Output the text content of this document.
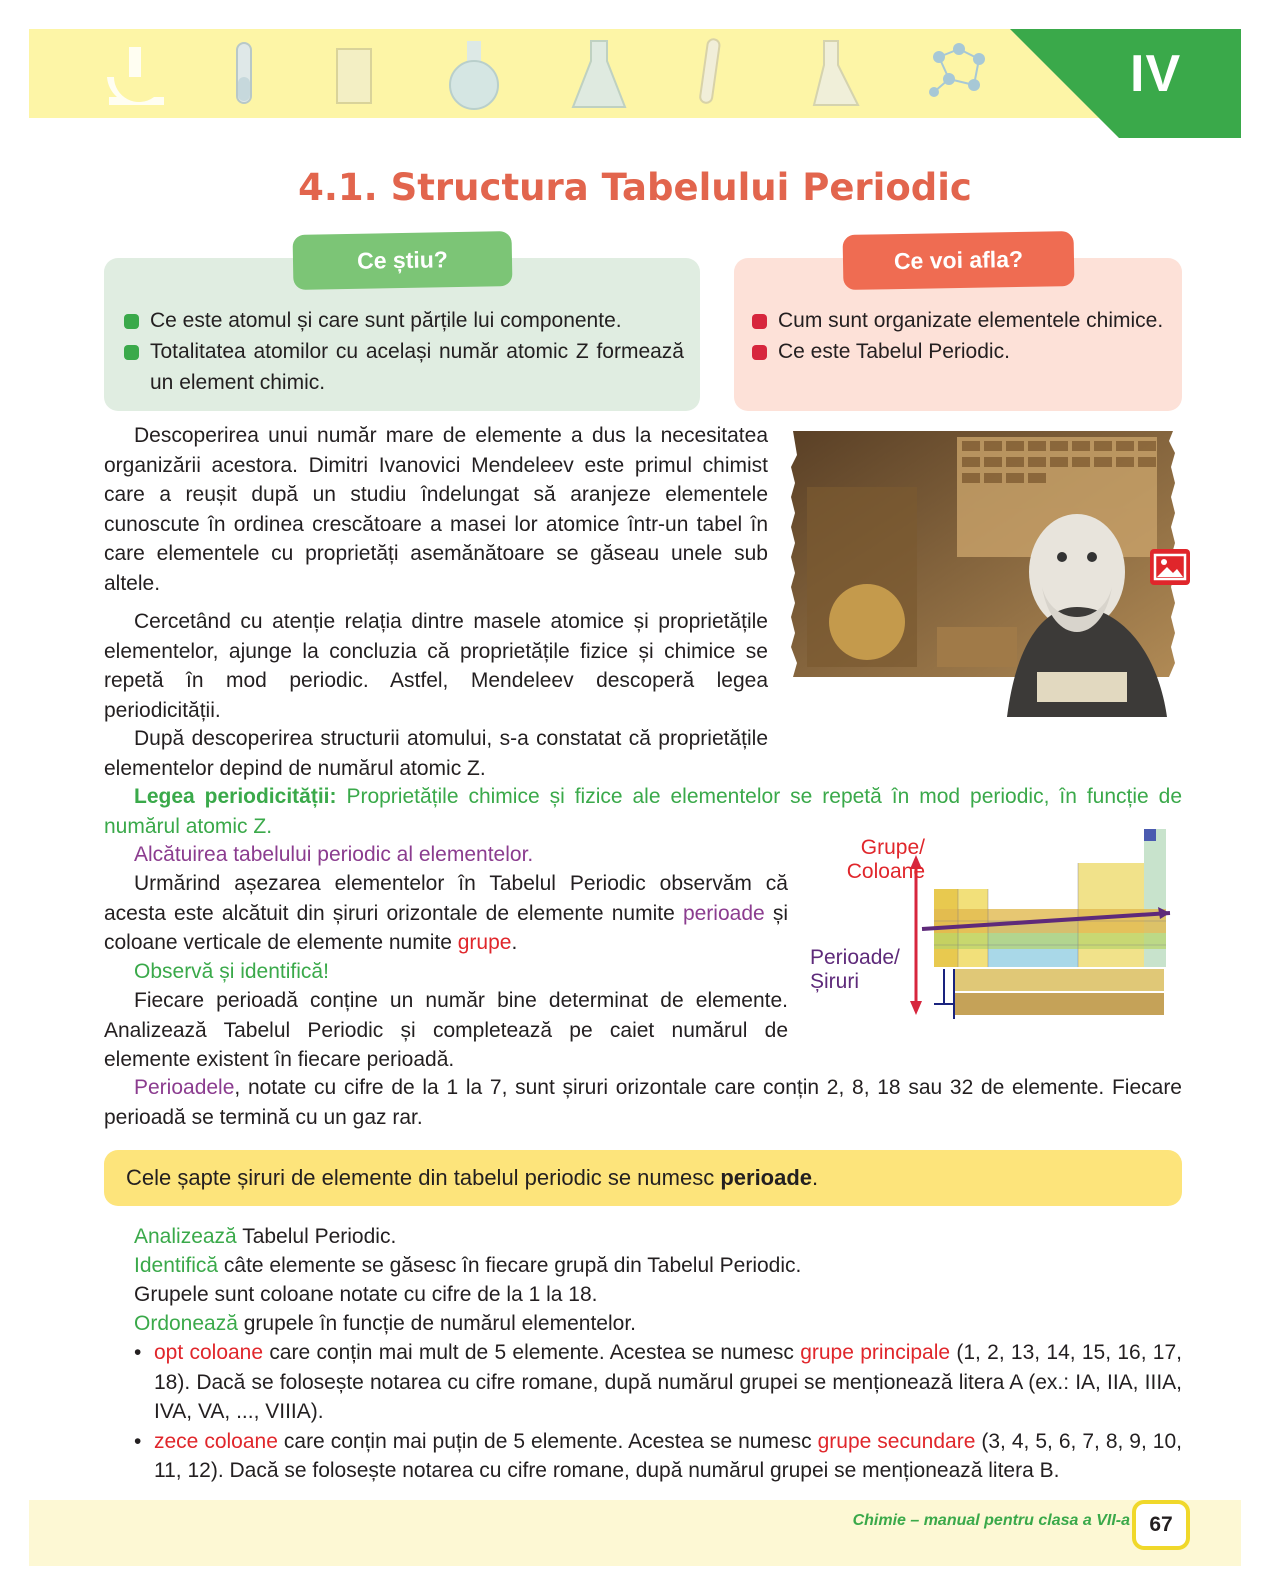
IV
4.1. Structura Tabelului Periodic
Ce știu?
Ce este atomul și care sunt părțile lui componente.
Totalitatea atomilor cu același număr atomic Z formează un element chimic.
Ce voi afla?
Cum sunt organizate elementele chimice.
Ce este Tabelul Periodic.

Descoperirea unui număr mare de elemente a dus la necesitatea organizării acestora. Dimitri Ivanovici Mendeleev este primul chimist care a reușit după un studiu îndelungat să aranjeze elementele cunoscute în ordinea crescătoare a masei lor atomice într-un tabel în care elementele cu proprietăți asemănătoare se găseau unele sub altele.

Cercetând cu atenție relația dintre masele atomice și proprietățile elementelor, ajunge la concluzia că proprietățile fizice și chimice se repetă în mod periodic. Astfel, Mendeleev descoperă legea periodicității.

După descoperirea structurii atomului, s-a constatat că proprietățile elementelor depind de numărul atomic Z.

Legea periodicității: Proprietățile chimice și fizice ale elementelor se repetă în mod periodic, în funcție de numărul atomic Z.

Alcătuirea tabelului periodic al elementelor.

Urmărind așezarea elementelor în Tabelul Periodic observăm că acesta este alcătuit din șiruri orizontale de elemente numite perioade și coloane verticale de elemente numite grupe.

Observă și identifică!

Fiecare perioadă conține un număr bine determinat de elemente. Analizează Tabelul Periodic și completează pe caiet numărul de elemente existent în fiecare perioadă.

Perioadele, notate cu cifre de la 1 la 7, sunt șiruri orizontale care conțin 2, 8, 18 sau 32 de elemente. Fiecare perioadă se termină cu un gaz rar.

Grupe/
Coloane
Perioade/
Șiruri
Cele șapte șiruri de elemente din tabelul periodic se numesc perioade.

Analizează Tabelul Periodic.

Identifică câte elemente se găsesc în fiecare grupă din Tabelul Periodic.

Grupele sunt coloane notate cu cifre de la 1 la 18.

Ordonează grupele în funcție de numărul elementelor.

• opt coloane care conțin mai mult de 5 elemente. Acestea se numesc grupe principale (1, 2, 13, 14, 15, 16, 17, 18). Dacă se folosește notarea cu cifre romane, după numărul grupei se menționează litera A (ex.: IA, IIA, IIIA, IVA, VA, ..., VIIIA).
• zece coloane care conțin mai puțin de 5 elemente. Acestea se numesc grupe secundare (3, 4, 5, 6, 7, 8, 9, 10, 11, 12). Dacă se folosește notarea cu cifre romane, după numărul grupei se menționează litera B.
Chimie – manual pentru clasa a VII-a 67
